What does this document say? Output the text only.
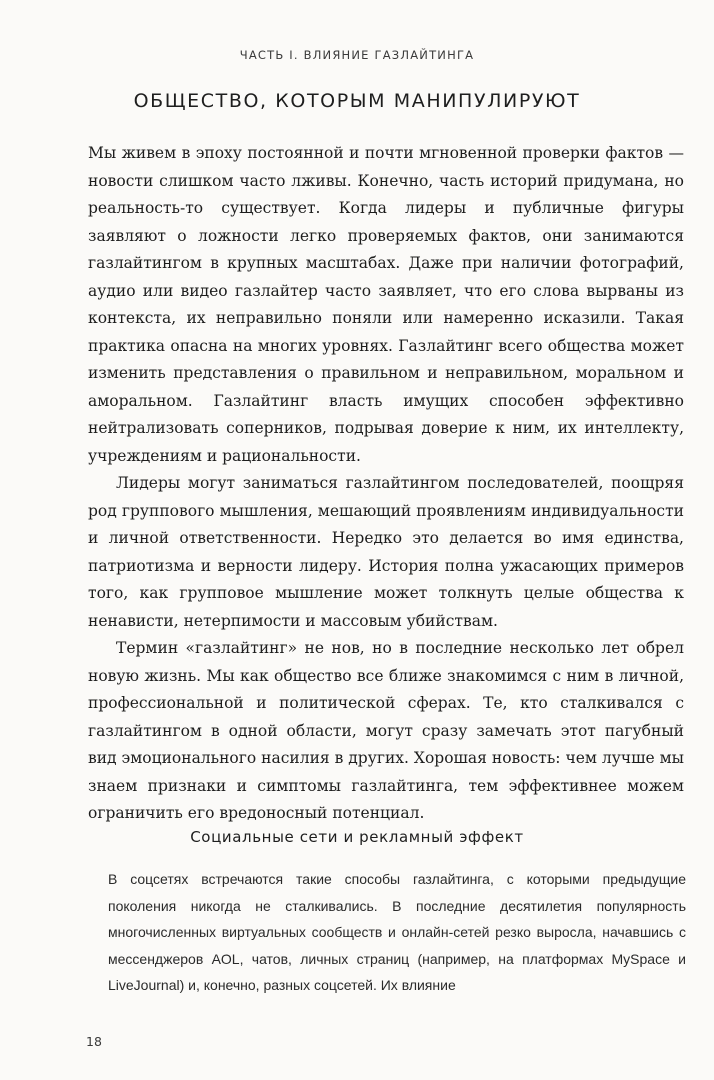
ЧАСТЬ I. ВЛИЯНИЕ ГАЗЛАЙТИНГА
ОБЩЕСТВО, КОТОРЫМ МАНИПУЛИРУЮТ

Мы живем в эпоху постоянной и почти мгновенной проверки фактов — новости слишком часто лживы. Конечно, часть историй придумана, но реальность-то существует. Когда лидеры и публичные фигуры заявляют о ложности легко проверяемых фактов, они занимаются газлайтингом в крупных масштабах. Даже при наличии фотографий, аудио или видео газлайтер часто заявляет, что его слова вырваны из контекста, их неправильно поняли или намеренно исказили. Такая практика опасна на многих уровнях. Газлайтинг всего общества может изменить представления о правильном и неправильном, моральном и аморальном. Газлайтинг власть имущих способен эффективно нейтрализовать соперников, подрывая доверие к ним, их интеллекту, учреждениям и рациональности.

Лидеры могут заниматься газлайтингом последователей, поощряя род группового мышления, мешающий проявлениям индивидуальности и личной ответственности. Нередко это делается во имя единства, патриотизма и верности лидеру. История полна ужасающих примеров того, как групповое мышление может толкнуть целые общества к ненависти, нетерпимости и массовым убийствам.

Термин «газлайтинг» не нов, но в последние несколько лет обрел новую жизнь. Мы как общество все ближе знакомимся с ним в личной, профессиональной и политической сферах. Те, кто сталкивался с газлайтингом в одной области, могут сразу замечать этот пагубный вид эмоционального насилия в других. Хорошая новость: чем лучше мы знаем признаки и симптомы газлайтинга, тем эффективнее можем ограничить его вредоносный потенциал.

Социальные сети и рекламный эффект

В соцсетях встречаются такие способы газлайтинга, с которыми предыдущие поколения никогда не сталкивались. В последние десятилетия популярность многочисленных виртуальных сообществ и онлайн-сетей резко выросла, начавшись с мессенджеров AOL, чатов, личных страниц (например, на платформах MySpace и LiveJournal) и, конечно, разных соцсетей. Их влияние

18
